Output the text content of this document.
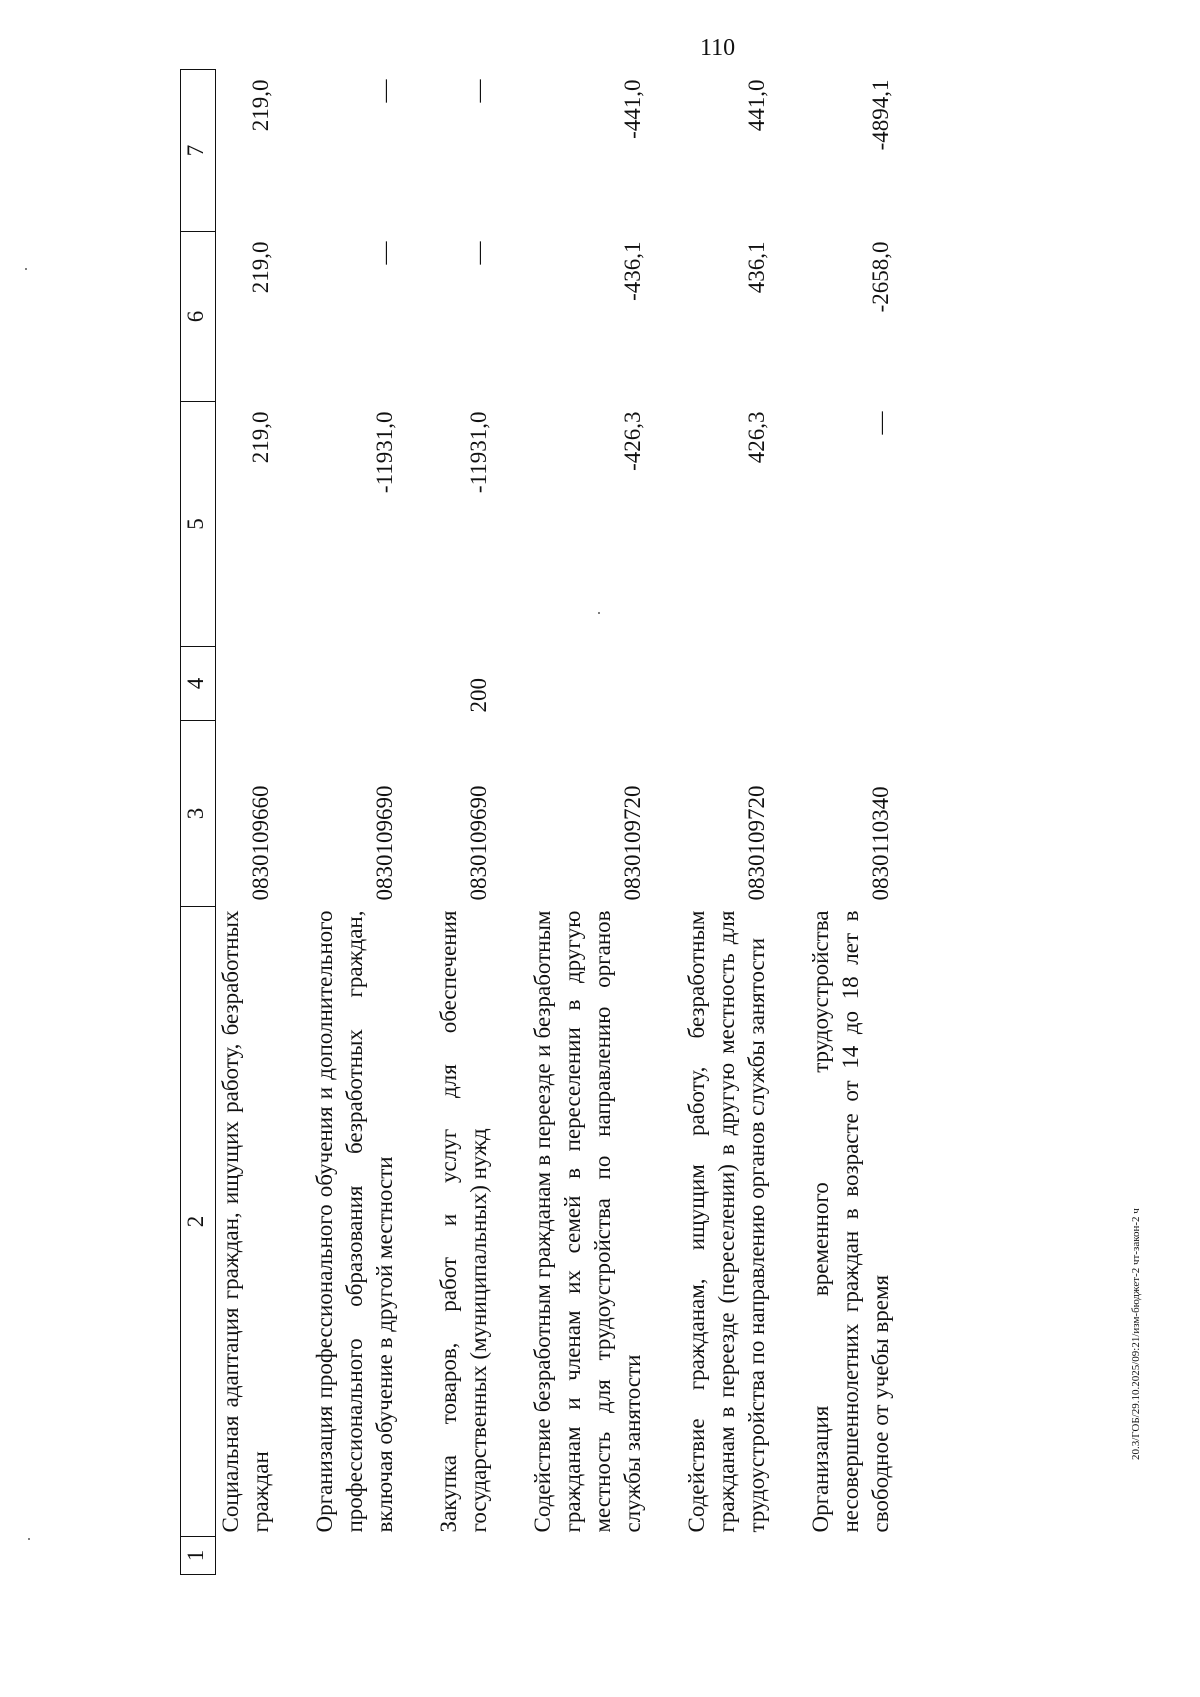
110
1	2	3	4	5	6	7
	Социальная адаптация граждан, ищущих работу, безработных граждан	0830109660		219,0	219,0	219,0

	Организация профессионального обучения и дополнительного профессионального образования безработных граждан, включая обучение в другой местности	0830109690		-11931,0	—	—

	Закупка товаров, работ и услуг для обеспечения государственных (муниципальных) нужд	0830109690	200	-11931,0	—	—

	Содействие безработным гражданам в переезде и безработным гражданам и членам их семей в переселении в другую местность для трудоустройства по направлению органов службы занятости	0830109720		-426,3	-436,1	-441,0

	Содействие гражданам, ищущим работу, безработным гражданам в переезде (переселении) в другую местность для трудоустройства по направлению органов службы занятости	0830109720		426,3	436,1	441,0

	Организация временного трудоустройства несовершеннолетних граждан в возрасте от 14 до 18 лет в свободное от учебы время	0830110340		—	-2658,0	-4894,1
20.3/ГОБ/29.10.2025/09:21/изм-бюджет-2 чт-закон-2 ч
